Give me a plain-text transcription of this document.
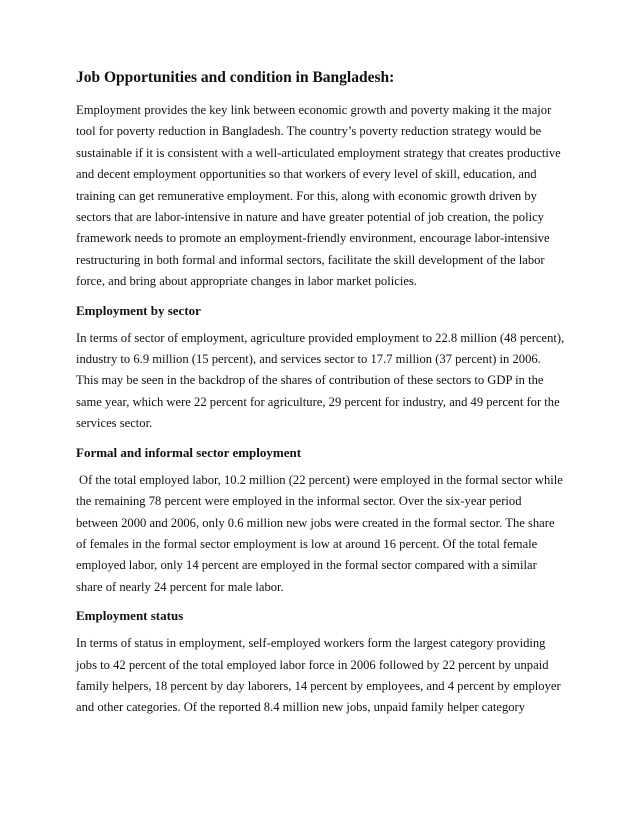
Job Opportunities and condition in Bangladesh:

Employment provides the key link between economic growth and poverty making it the major tool for poverty reduction in Bangladesh. The country’s poverty reduction strategy would be sustainable if it is consistent with a well-articulated employment strategy that creates productive and decent employment opportunities so that workers of every level of skill, education, and training can get remunerative employment. For this, along with economic growth driven by sectors that are labor-intensive in nature and have greater potential of job creation, the policy framework needs to promote an employment-friendly environment, encourage labor-intensive restructuring in both formal and informal sectors, facilitate the skill development of the labor force, and bring about appropriate changes in labor market policies.

Employment by sector

In terms of sector of employment, agriculture provided employment to 22.8 million (48 percent), industry to 6.9 million (15 percent), and services sector to 17.7 million (37 percent) in 2006. This may be seen in the backdrop of the shares of contribution of these sectors to GDP in the same year, which were 22 percent for agriculture, 29 percent for industry, and 49 percent for the services sector.

Formal and informal sector employment

Of the total employed labor, 10.2 million (22 percent) were employed in the formal sector while the remaining 78 percent were employed in the informal sector. Over the six-year period between 2000 and 2006, only 0.6 million new jobs were created in the formal sector. The share of females in the formal sector employment is low at around 16 percent. Of the total female employed labor, only 14 percent are employed in the formal sector compared with a similar share of nearly 24 percent for male labor.

Employment status

In terms of status in employment, self-employed workers form the largest category providing jobs to 42 percent of the total employed labor force in 2006 followed by 22 percent by unpaid family helpers, 18 percent by day laborers, 14 percent by employees, and 4 percent by employer and other categories. Of the reported 8.4 million new jobs, unpaid family helper category
